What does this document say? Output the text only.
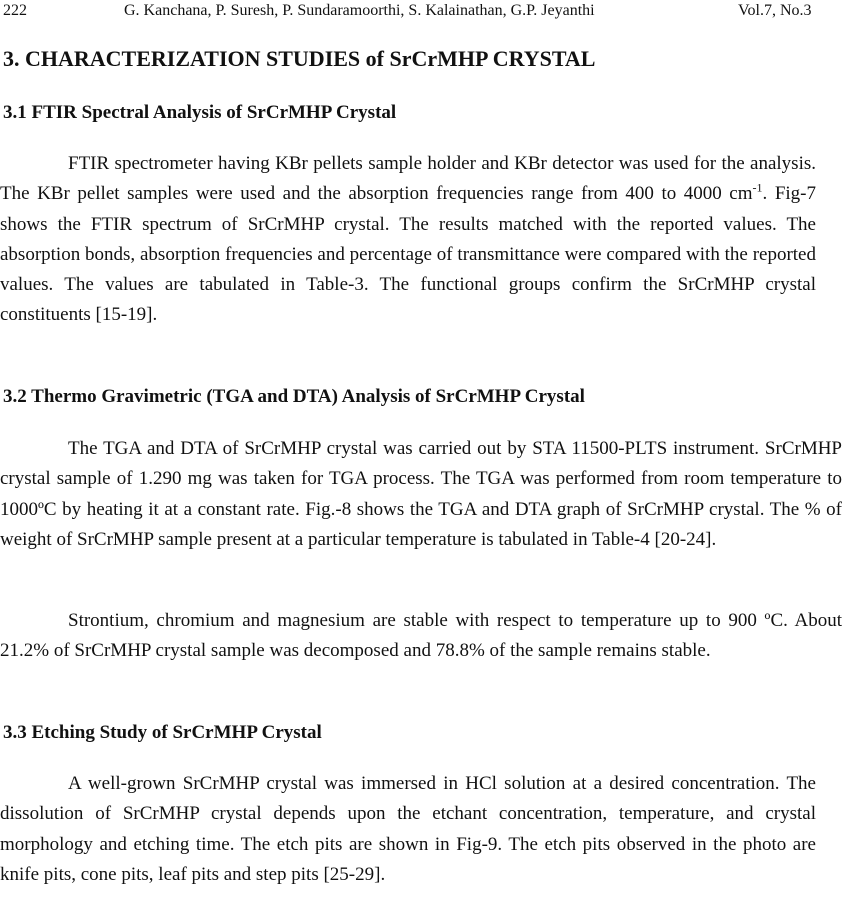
222	G. Kanchana, P. Suresh, P. Sundaramoorthi, S. Kalainathan, G.P. Jeyanthi	Vol.7, No.3
3. CHARACTERIZATION STUDIES of SrCrMHP CRYSTAL
3.1 FTIR Spectral Analysis of SrCrMHP Crystal

FTIR spectrometer having KBr pellets sample holder and KBr detector was used for the analysis. The KBr pellet samples were used and the absorption frequencies range from 400 to 4000 $cm^{-1}$. Fig-7 shows the FTIR spectrum of SrCrMHP crystal. The results matched with the reported values. The absorption bonds, absorption frequencies and percentage of transmittance were compared with the reported values. The values are tabulated in Table-3. The functional groups confirm the SrCrMHP crystal constituents [15-19].

3.2 Thermo Gravimetric (TGA and DTA) Analysis of SrCrMHP Crystal

The TGA and DTA of SrCrMHP crystal was carried out by STA 11500-PLTS instrument. SrCrMHP crystal sample of 1.290 mg was taken for TGA process. The TGA was performed from room temperature to 1000ºC by heating it at a constant rate. Fig.-8 shows the TGA and DTA graph of SrCrMHP crystal. The % of weight of SrCrMHP sample present at a particular temperature is tabulated in Table-4 [20-24].

Strontium, chromium and magnesium are stable with respect to temperature up to 900 ºC. About 21.2% of SrCrMHP crystal sample was decomposed and 78.8% of the sample remains stable.

3.3 Etching Study of SrCrMHP Crystal

A well-grown SrCrMHP crystal was immersed in HCl solution at a desired concentration. The dissolution of SrCrMHP crystal depends upon the etchant concentration, temperature, and crystal morphology and etching time. The etch pits are shown in Fig-9. The etch pits observed in the photo are knife pits, cone pits, leaf pits and step pits [25-29].
